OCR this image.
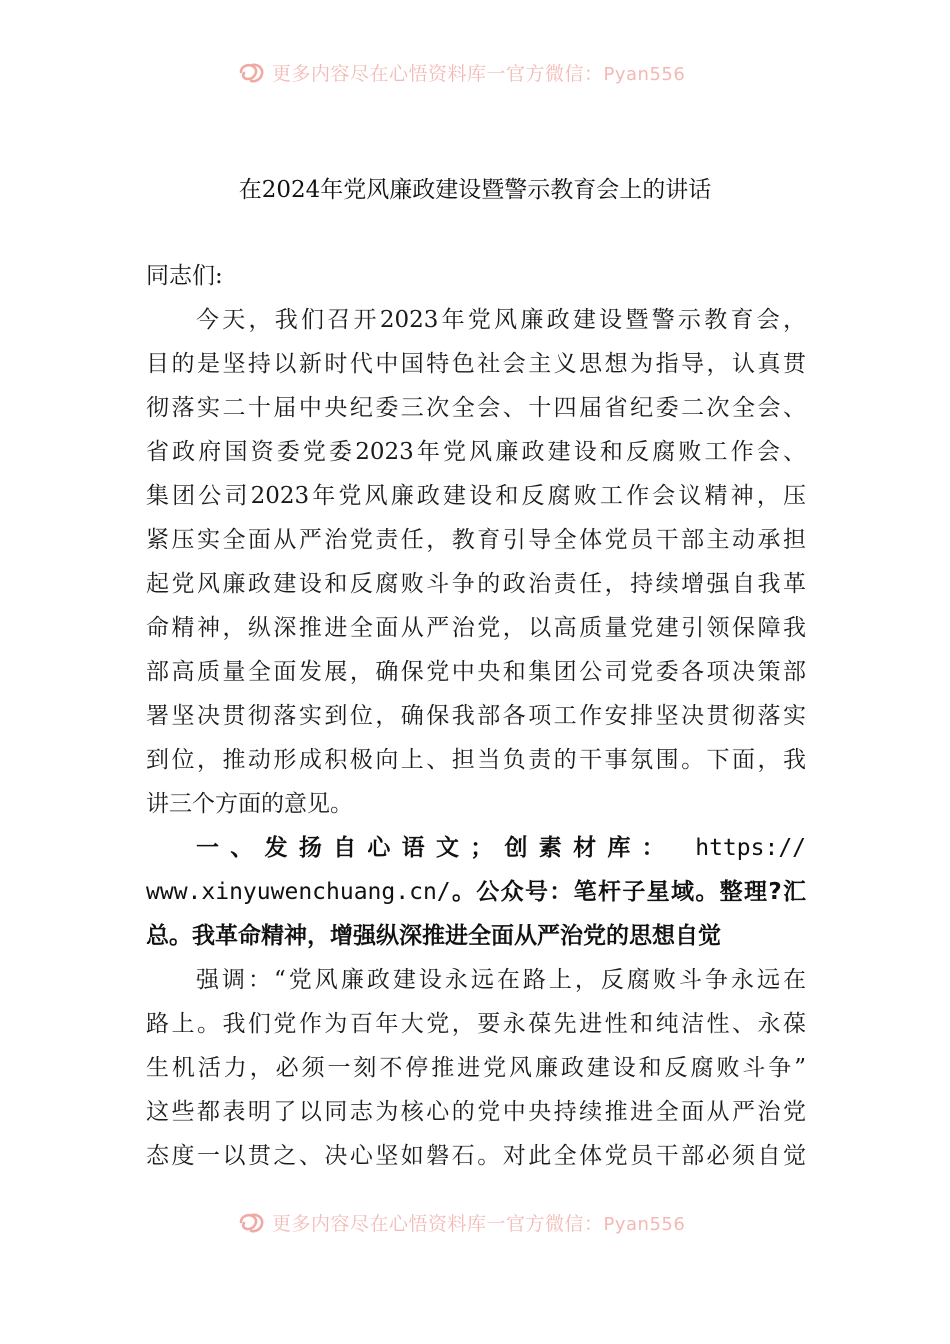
更多内容尽在心悟资料库一官方微信：Pyan556
在2024年党风廉政建设暨警示教育会上的讲话
同志们:
今天，我们召开2023年党风廉政建设暨警示教育会，
目的是坚持以新时代中国特色社会主义思想为指导，认真贯
彻落实二十届中央纪委三次全会、十四届省纪委二次全会、
省政府国资委党委2023年党风廉政建设和反腐败工作会、
集团公司2023年党风廉政建设和反腐败工作会议精神，压
紧压实全面从严治党责任，教育引导全体党员干部主动承担
起党风廉政建设和反腐败斗争的政治责任，持续增强自我革
命精神，纵深推进全面从严治党，以高质量党建引领保障我
部高质量全面发展，确保党中央和集团公司党委各项决策部
署坚决贯彻落实到位，确保我部各项工作安排坚决贯彻落实
到位，推动形成积极向上、担当负责的干事氛围。下面，我
讲三个方面的意见。
一、发扬自心语文；创素材库： https://
www.xinyuwenchuang.cn/。公众号：笔杆子星域。整理?汇
总。我革命精神，增强纵深推进全面从严治党的思想自觉
强调：“党风廉政建设永远在路上，反腐败斗争永远在
路上。我们党作为百年大党，要永葆先进性和纯洁性、永葆
生机活力，必须一刻不停推进党风廉政建设和反腐败斗争”
这些都表明了以同志为核心的党中央持续推进全面从严治党
态度一以贯之、决心坚如磐石。对此全体党员干部必须自觉
更多内容尽在心悟资料库一官方微信：Pyan556
